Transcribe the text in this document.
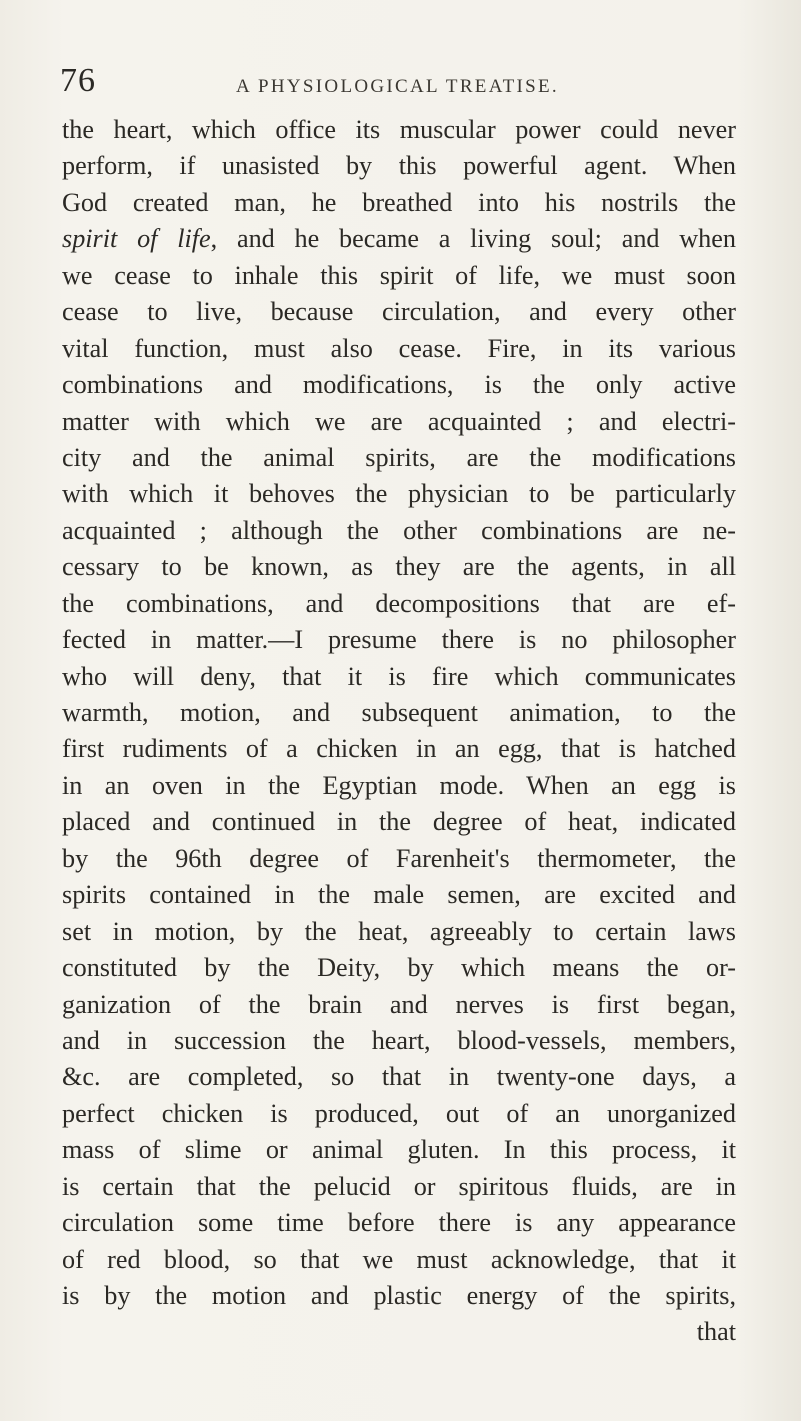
76	A PHYSIOLOGICAL TREATISE.
the heart, which office its muscular power could never
perform, if unasisted by this powerful agent. When
God created man, he breathed into his nostrils the
spirit of life, and he became a living soul; and when
we cease to inhale this spirit of life, we must soon
cease to live, because circulation, and every other
vital function, must also cease. Fire, in its various
combinations and modifications, is the only active
matter with which we are acquainted ; and electri-
city and the animal spirits, are the modifications
with which it behoves the physician to be particularly
acquainted ; although the other combinations are ne-
cessary to be known, as they are the agents, in all
the combinations, and decompositions that are ef-
fected in matter.—I presume there is no philosopher
who will deny, that it is fire which communicates
warmth, motion, and subsequent animation, to the
first rudiments of a chicken in an egg, that is hatched
in an oven in the Egyptian mode. When an egg is
placed and continued in the degree of heat, indicated
by the 96th degree of Farenheit's thermometer, the
spirits contained in the male semen, are excited and
set in motion, by the heat, agreeably to certain laws
constituted by the Deity, by which means the or-
ganization of the brain and nerves is first began,
and in succession the heart, blood-vessels, members,
&c. are completed, so that in twenty-one days, a
perfect chicken is produced, out of an unorganized
mass of slime or animal gluten. In this process, it
is certain that the pelucid or spiritous fluids, are in
circulation some time before there is any appearance
of red blood, so that we must acknowledge, that it
is by the motion and plastic energy of the spirits,
that
